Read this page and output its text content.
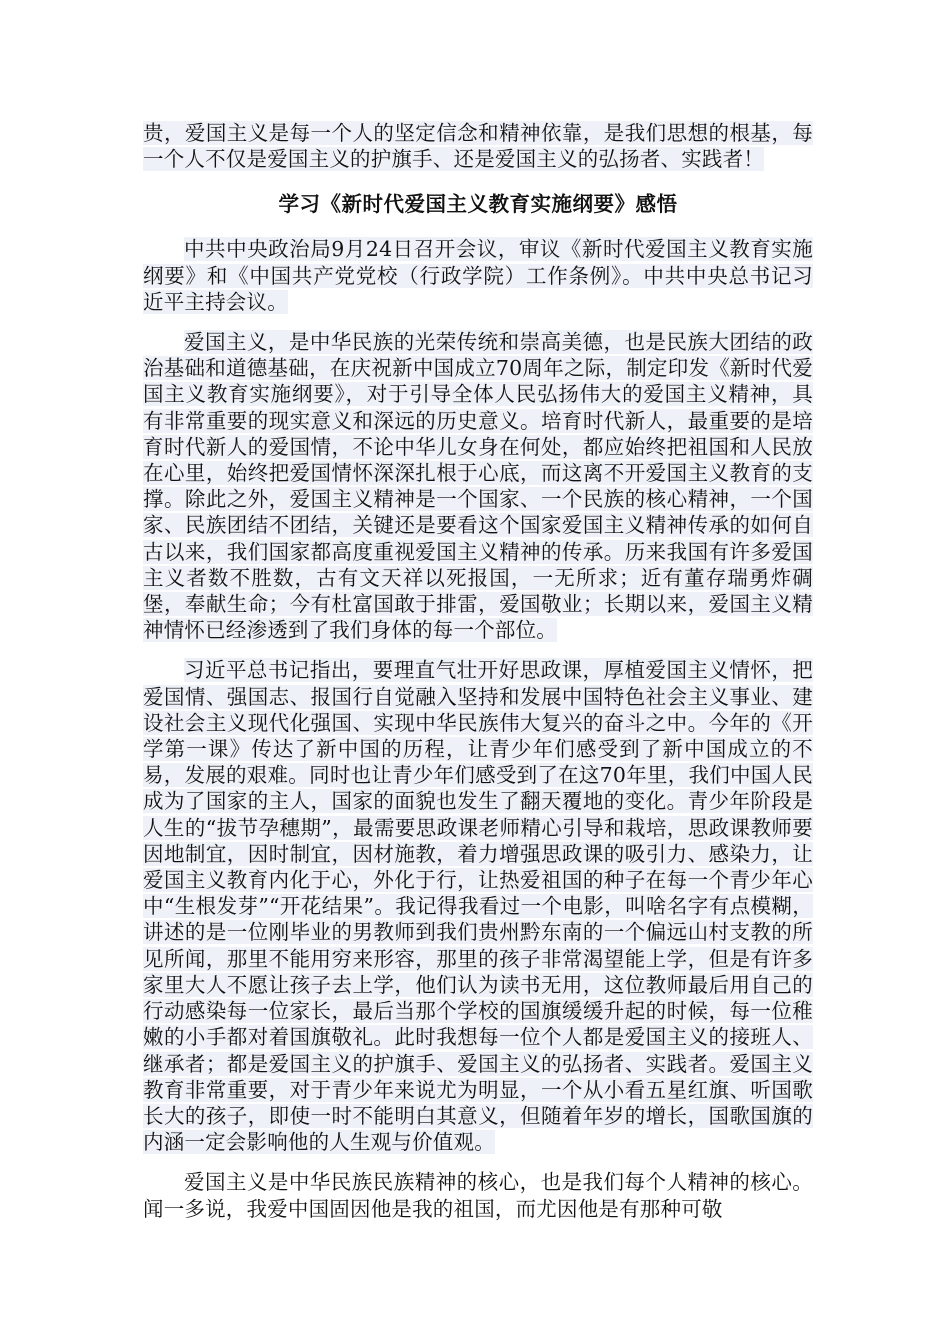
贵，爱国主义是每一个人的坚定信念和精神依靠，是我们思想的根基，每一个人不仅是爱国主义的护旗手、还是爱国主义的弘扬者、实践者！

学习《新时代爱国主义教育实施纲要》感悟

中共中央政治局9月24日召开会议，审议《新时代爱国主义教育实施纲要》和《中国共产党党校（行政学院）工作条例》。中共中央总书记习近平主持会议。

爱国主义，是中华民族的光荣传统和崇高美德，也是民族大团结的政治基础和道德基础，在庆祝新中国成立70周年之际，制定印发《新时代爱国主义教育实施纲要》，对于引导全体人民弘扬伟大的爱国主义精神，具有非常重要的现实意义和深远的历史意义。培育时代新人，最重要的是培育时代新人的爱国情，不论中华儿女身在何处，都应始终把祖国和人民放在心里，始终把爱国情怀深深扎根于心底，而这离不开爱国主义教育的支撑。除此之外，爱国主义精神是一个国家、一个民族的核心精神，一个国家、民族团结不团结，关键还是要看这个国家爱国主义精神传承的如何自古以来，我们国家都高度重视爱国主义精神的传承。历来我国有许多爱国主义者数不胜数，古有文天祥以死报国，一无所求；近有董存瑞勇炸碉堡，奉献生命；今有杜富国敢于排雷，爱国敬业；长期以来，爱国主义精神情怀已经渗透到了我们身体的每一个部位。

习近平总书记指出，要理直气壮开好思政课，厚植爱国主义情怀，把爱国情、强国志、报国行自觉融入坚持和发展中国特色社会主义事业、建设社会主义现代化强国、实现中华民族伟大复兴的奋斗之中。今年的《开学第一课》传达了新中国的历程，让青少年们感受到了新中国成立的不易，发展的艰难。同时也让青少年们感受到了在这70年里，我们中国人民成为了国家的主人，国家的面貌也发生了翻天覆地的变化。青少年阶段是人生的“拔节孕穗期”，最需要思政课老师精心引导和栽培，思政课教师要因地制宜，因时制宜，因材施教，着力增强思政课的吸引力、感染力，让爱国主义教育内化于心，外化于行，让热爱祖国的种子在每一个青少年心中“生根发芽”“开花结果”。我记得我看过一个电影，叫啥名字有点模糊，讲述的是一位刚毕业的男教师到我们贵州黔东南的一个偏远山村支教的所见所闻，那里不能用穷来形容，那里的孩子非常渴望能上学，但是有许多家里大人不愿让孩子去上学，他们认为读书无用，这位教师最后用自己的行动感染每一位家长，最后当那个学校的国旗缓缓升起的时候，每一位稚嫩的小手都对着国旗敬礼。此时我想每一位个人都是爱国主义的接班人、继承者；都是爱国主义的护旗手、爱国主义的弘扬者、实践者。爱国主义教育非常重要，对于青少年来说尤为明显，一个从小看五星红旗、听国歌长大的孩子，即使一时不能明白其意义，但随着年岁的增长，国歌国旗的内涵一定会影响他的人生观与价值观。

爱国主义是中华民族民族精神的核心，也是我们每个人精神的核心。闻一多说，我爱中国固因他是我的祖国，而尤因他是有那种可敬
